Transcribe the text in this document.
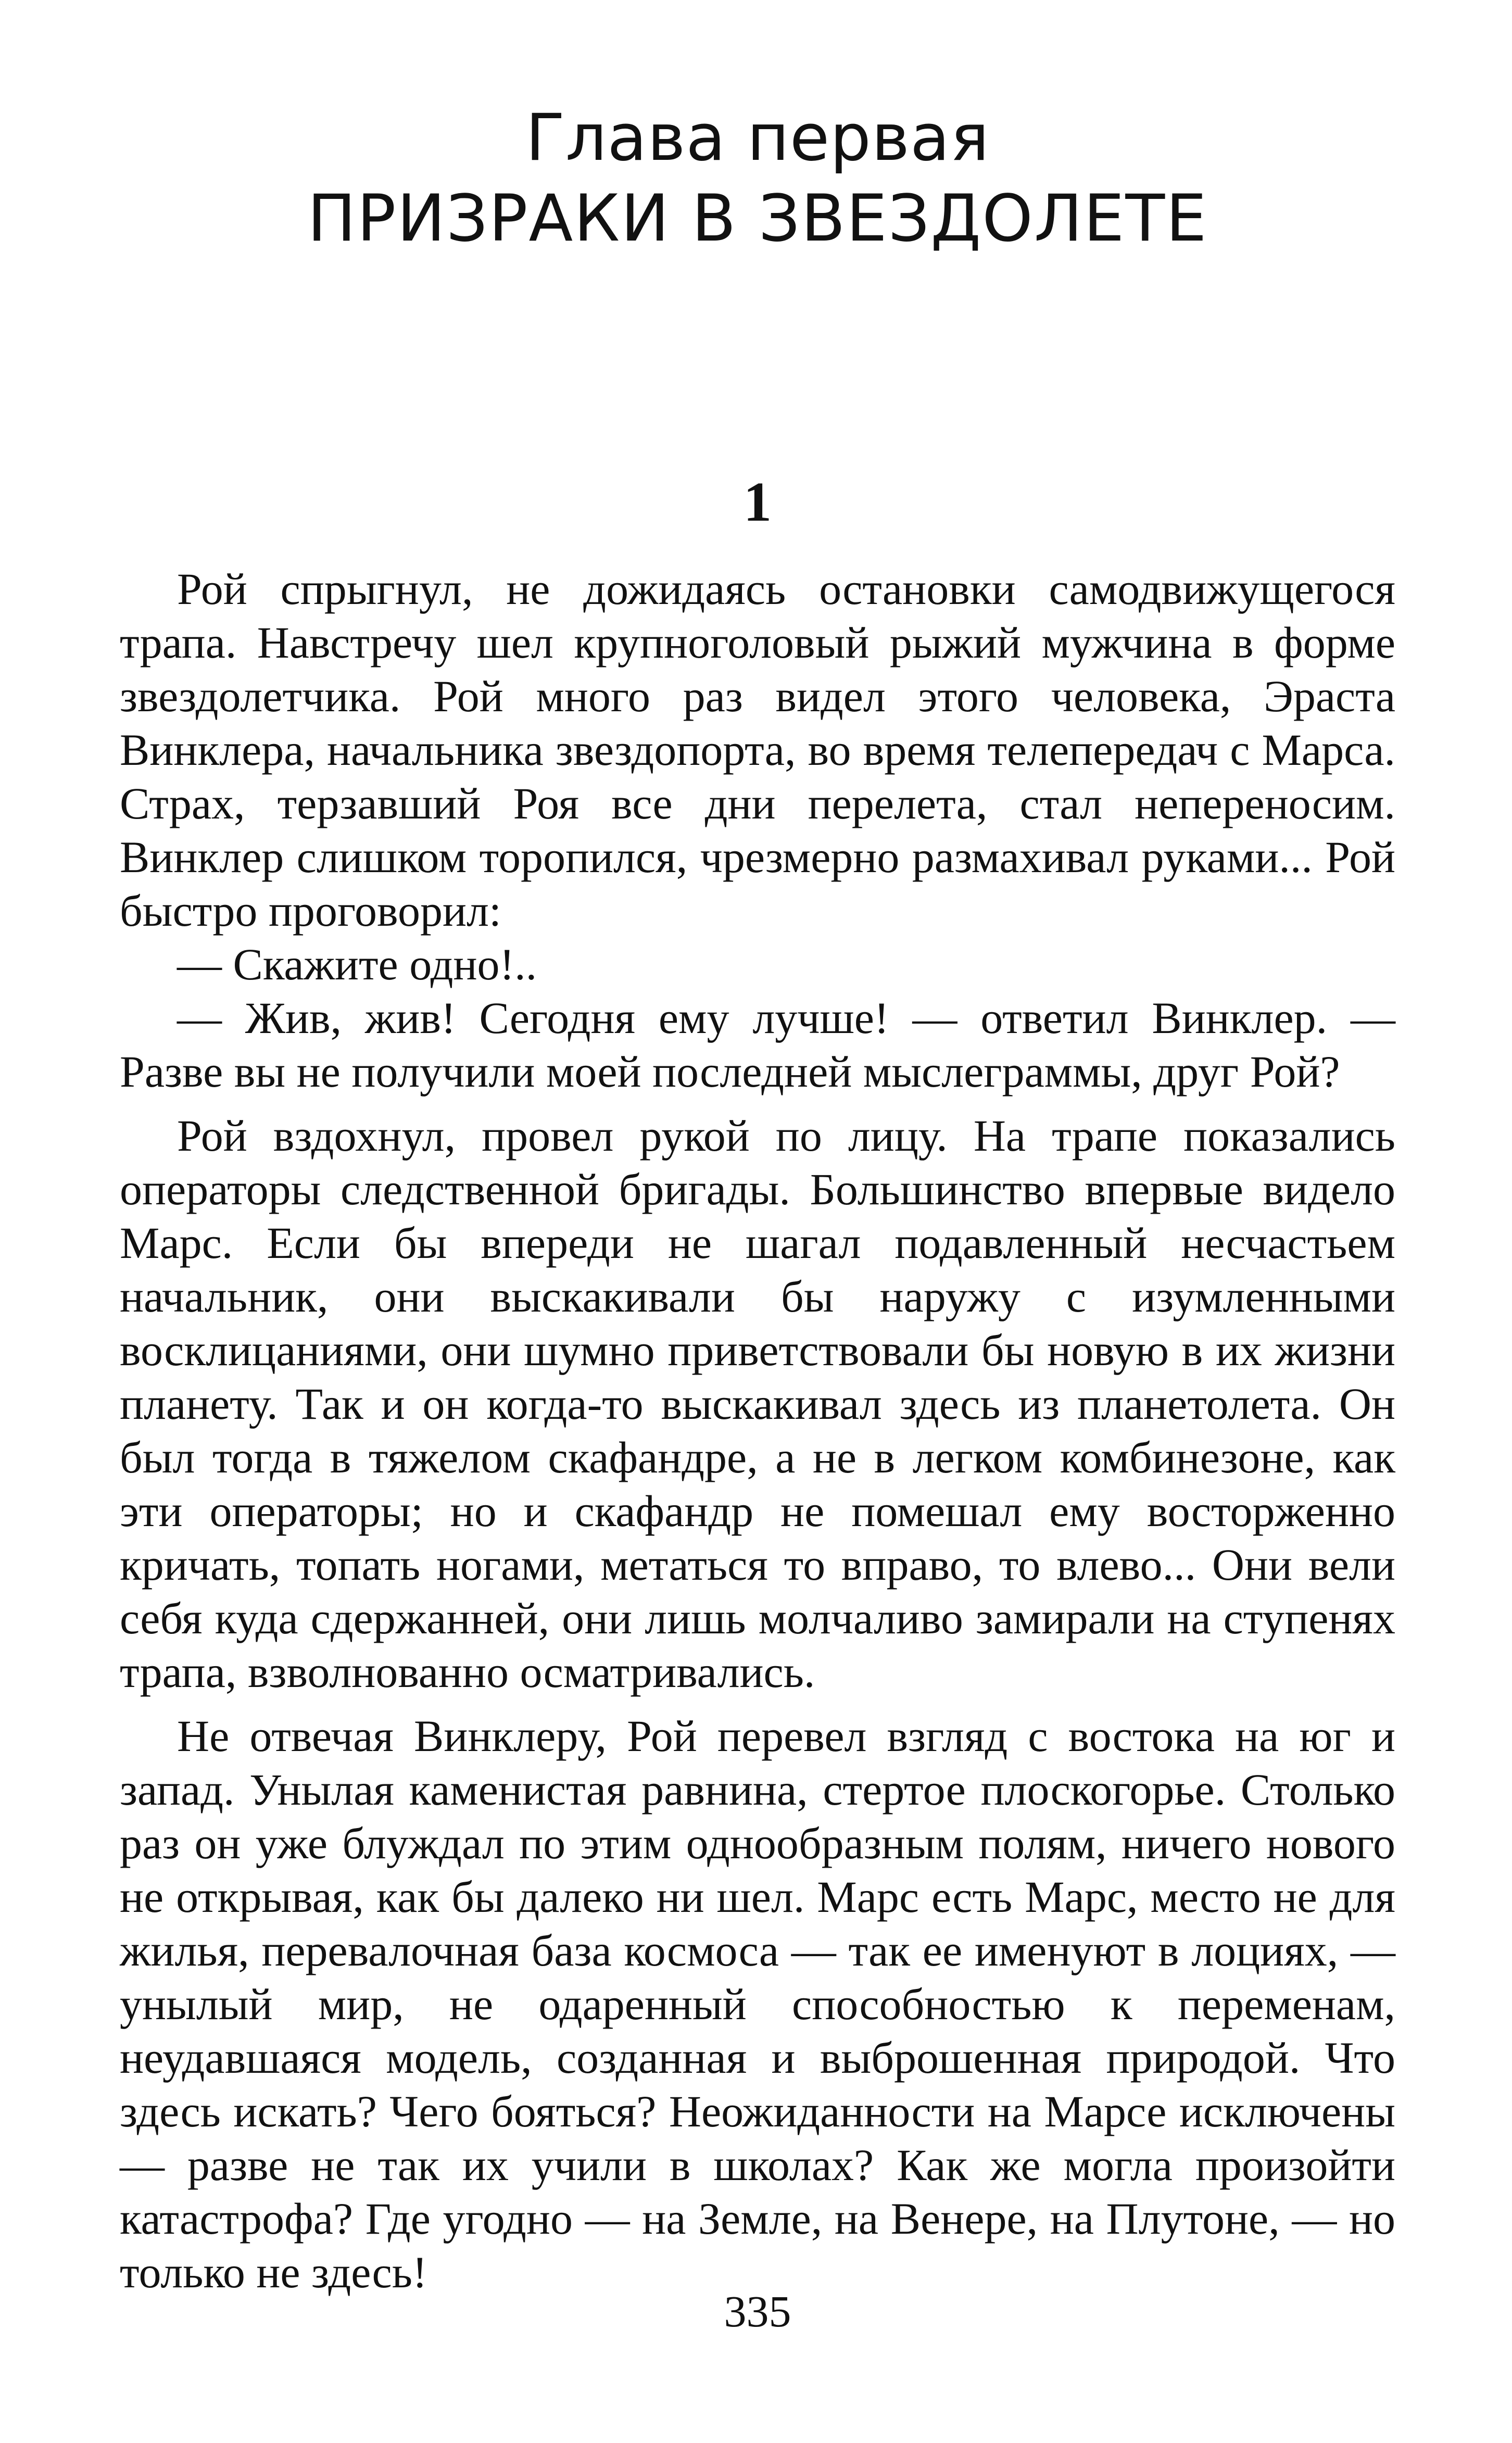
Глава первая
ПРИЗРАКИ В ЗВЕЗДОЛЕТЕ
1

Рой спрыгнул, не дожидаясь остановки самодвижущегося трапа. Навстречу шел крупноголовый рыжий мужчина в форме звездолетчика. Рой много раз видел этого человека, Эраста Винклера, начальника звездопорта, во время телепередач с Марса. Страх, терзавший Роя все дни перелета, стал непереносим. Винклер слишком торопился, чрезмерно размахивал руками... Рой быстро проговорил:

— Скажите одно!..

— Жив, жив! Сегодня ему лучше! — ответил Винклер. — Разве вы не получили моей последней мыслеграммы, друг Рой?

Рой вздохнул, провел рукой по лицу. На трапе показались операторы следственной бригады. Большинство впервые видело Марс. Если бы впереди не шагал подавленный несчастьем начальник, они выскакивали бы наружу с изумленными восклицаниями, они шумно приветствовали бы новую в их жизни планету. Так и он когда-то выскакивал здесь из планетолета. Он был тогда в тяжелом скафандре, а не в легком комбинезоне, как эти операторы; но и скафандр не помешал ему восторженно кричать, топать ногами, метаться то вправо, то влево... Они вели себя куда сдержанней, они лишь молчаливо замирали на ступенях трапа, взволнованно осматривались.

Не отвечая Винклеру, Рой перевел взгляд с востока на юг и запад. Унылая каменистая равнина, стертое плоскогорье. Столько раз он уже блуждал по этим однообразным полям, ничего нового не открывая, как бы далеко ни шел. Марс есть Марс, место не для жилья, перевалочная база космоса — так ее именуют в лоциях, — унылый мир, не одаренный способностью к переменам, неудавшаяся модель, созданная и выброшенная природой. Что здесь искать? Чего бояться? Неожиданности на Марсе исключены — разве не так их учили в школах? Как же могла произойти катастрофа? Где угодно — на Земле, на Венере, на Плутоне, — но только не здесь!

335
